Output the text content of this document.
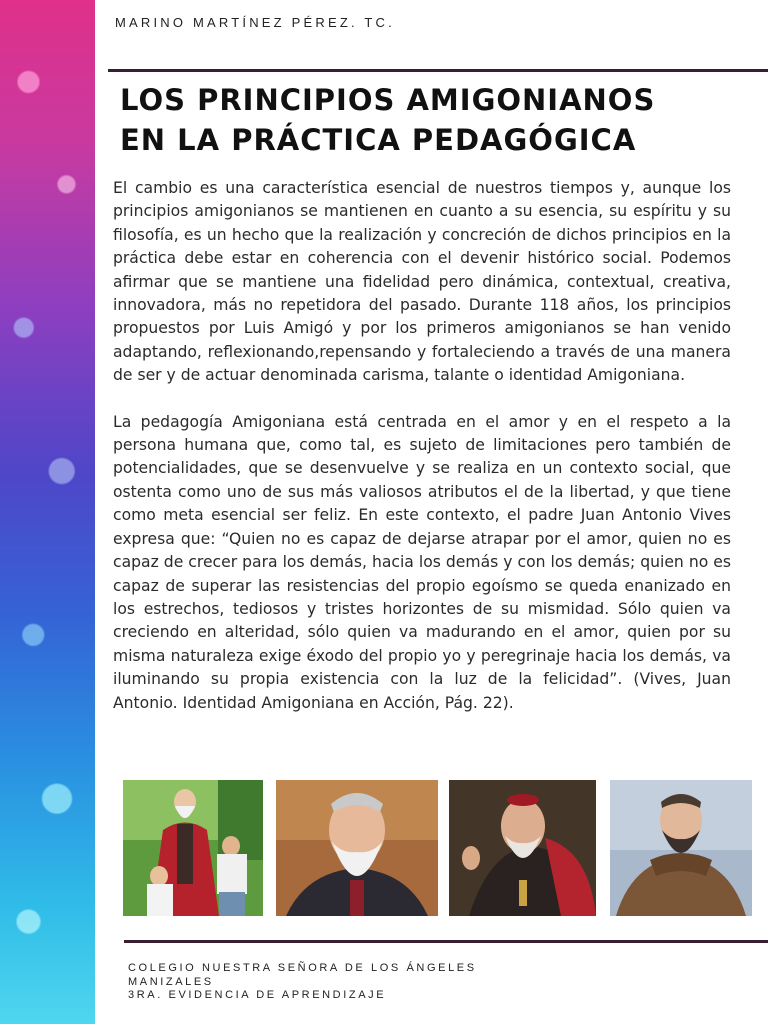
MARINO MARTÍNEZ PÉREZ. TC.
LOS PRINCIPIOS AMIGONIANOS
EN LA PRÁCTICA PEDAGÓGICA

El cambio es una característica esencial de nuestros tiempos y, aunque los principios amigonianos se mantienen en cuanto a su esencia, su espíritu y su filosofía, es un hecho que la realización y concreción de dichos principios en la práctica debe estar en coherencia con el devenir histórico social. Podemos afirmar que se mantiene una fidelidad pero dinámica, contextual, creativa, innovadora, más no repetidora del pasado. Durante 118 años, los principios propuestos por Luis Amigó y por los primeros amigonianos se han venido adaptando, reflexionando,repensando y fortaleciendo a través de una manera de ser y de actuar denominada carisma, talante o identidad Amigoniana.

La pedagogía Amigoniana está centrada en el amor y en el respeto a la persona humana que, como tal, es sujeto de limitaciones pero también de potencialidades, que se desenvuelve y se realiza en un contexto social, que ostenta como uno de sus más valiosos atributos el de la libertad, y que tiene como meta esencial ser feliz. En este contexto, el padre Juan Antonio Vives expresa que: “Quien no es capaz de dejarse atrapar por el amor, quien no es capaz de crecer para los demás, hacia los demás y con los demás; quien no es capaz de superar las resistencias del propio egoísmo se queda enanizado en los estrechos, tediosos y tristes horizontes de su mismidad. Sólo quien va creciendo en alteridad, sólo quien va madurando en el amor, quien por su misma naturaleza exige éxodo del propio yo y peregrinaje hacia los demás, va iluminando su propia existencia con la luz de la felicidad”. (Vives, Juan Antonio. Identidad Amigoniana en Acción, Pág. 22).

COLEGIO NUESTRA SEÑORA DE LOS ÁNGELES
MANIZALES
3RA. EVIDENCIA DE APRENDIZAJE
